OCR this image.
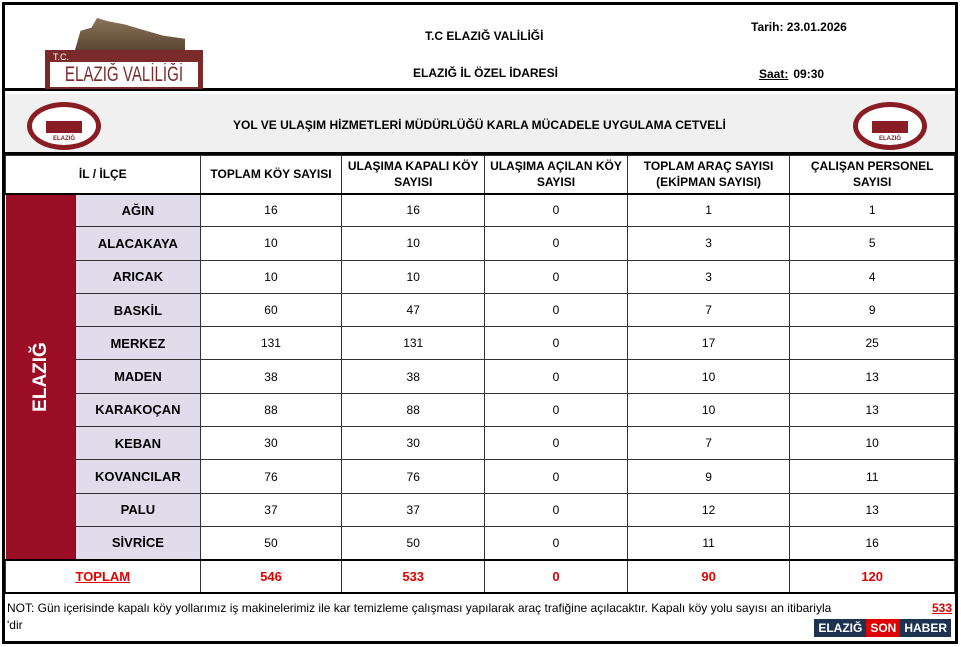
T.C.
ELAZIĞ VALİLİĞİ
T.C ELAZIĞ VALİLİĞİ
ELAZIĞ İL ÖZEL İDARESİ
Tarih: 23.01.2026
Saat: 09:30
ELAZIĞ
YOL VE ULAŞIM HİZMETLERİ MÜDÜRLÜĞÜ KARLA MÜCADELE UYGULAMA CETVELİ
ELAZIĞ
İL / İLÇE		TOPLAM KÖY SAYISI	ULAŞIMA KAPALI KÖY SAYISI	ULAŞIMA AÇILAN KÖY SAYISI	TOPLAM ARAÇ SAYISI (EKİPMAN SAYISI)	ÇALIŞAN PERSONEL SAYISI

ELAZIĞ	AĞIN	16	16	0	1	1
	ALACAKAYA	10	10	0	3	5
	ARICAK	10	10	0	3	4
	BASKİL	60	47	0	7	9
	MERKEZ	131	131	0	17	25
	MADEN	38	38	0	10	13
	KARAKOÇAN	88	88	0	10	13
	KEBAN	30	30	0	7	10
	KOVANCILAR	76	76	0	9	11
	PALU	37	37	0	12	13
	SİVRİCE	50	50	0	11	16
TOPLAM		546	533	0	90	120
NOT: Gün içerisinde kapalı köy yollarımız iş makinelerimiz ile kar temizleme çalışması yapılarak araç trafiğine açılacaktır. Kapalı köy yolu sayısı an itibariyla	533

'dir	ELAZIĞ SON HABER
